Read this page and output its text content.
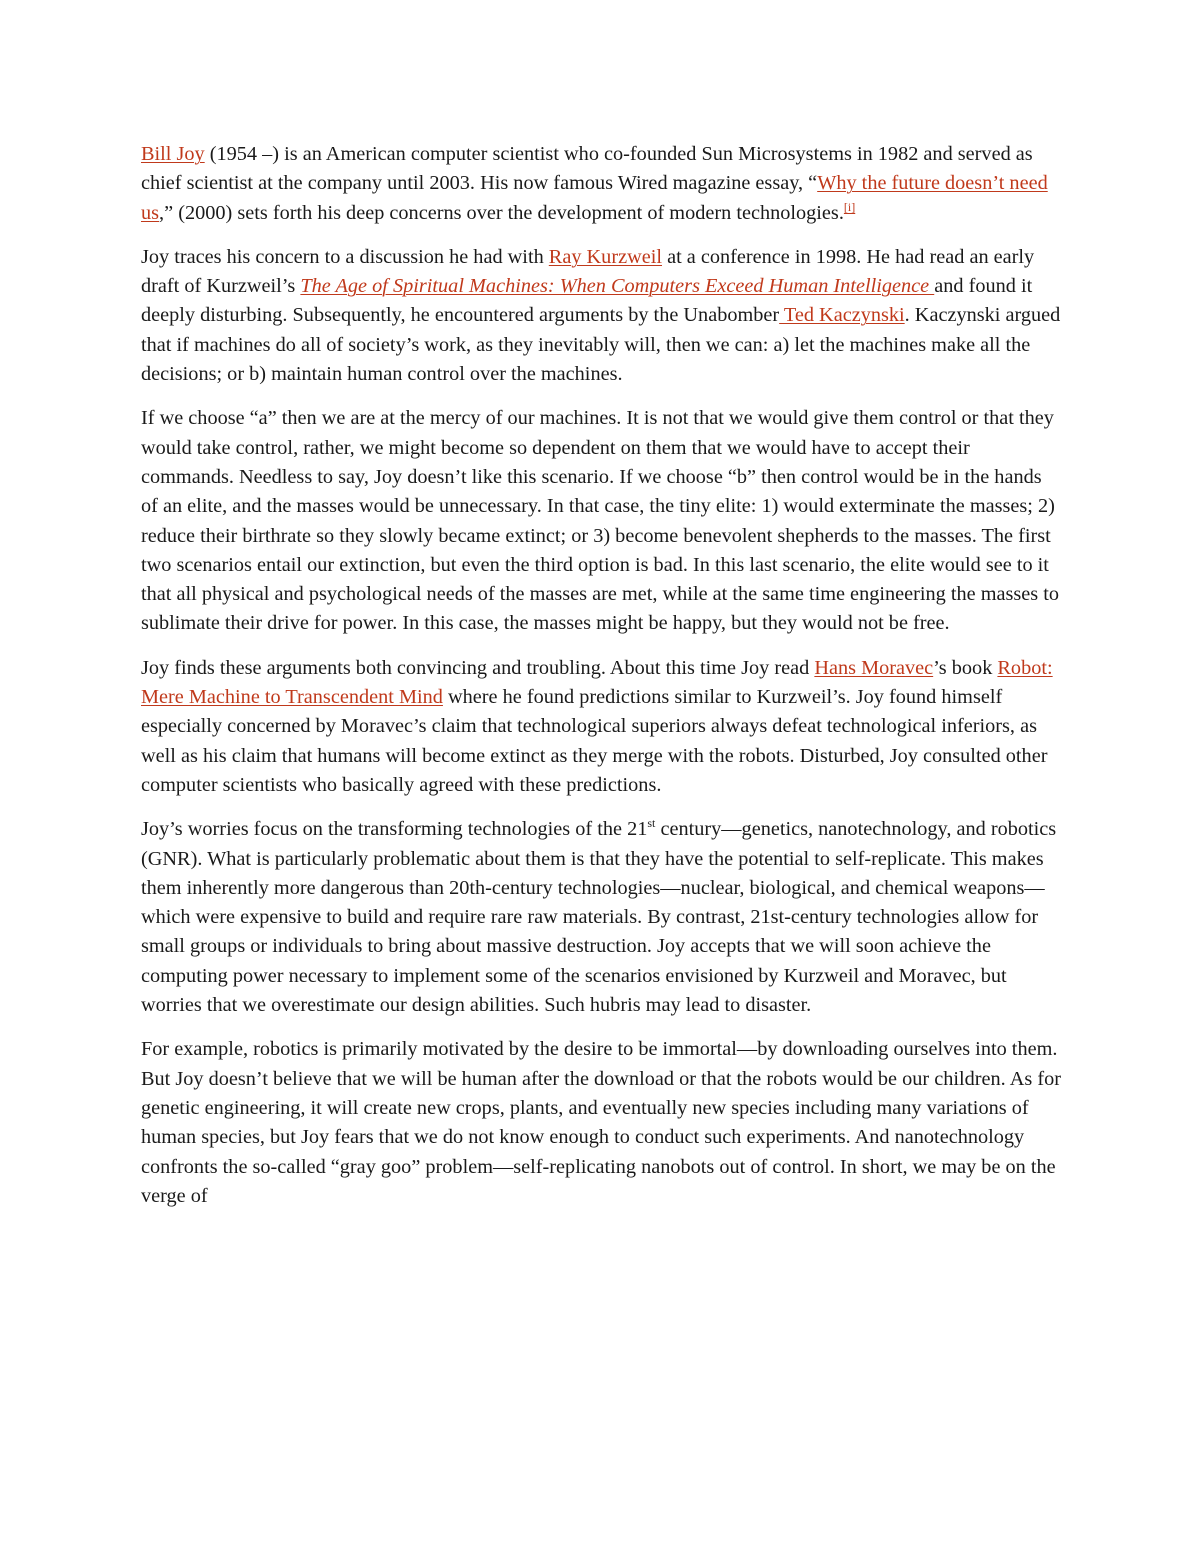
Bill Joy (1954 –) is an American computer scientist who co-founded Sun Microsystems in 1982 and served as chief scientist at the company until 2003. His now famous Wired magazine essay, “Why the future doesn’t need us,” (2000) sets forth his deep concerns over the development of modern technologies.[i]

Joy traces his concern to a discussion he had with Ray Kurzweil at a conference in 1998. He had read an early draft of Kurzweil’s The Age of Spiritual Machines: When Computers Exceed Human Intelligence and found it deeply disturbing. Subsequently, he encountered arguments by the Unabomber Ted Kaczynski. Kaczynski argued that if machines do all of society’s work, as they inevitably will, then we can: a) let the machines make all the decisions; or b) maintain human control over the machines.

If we choose “a” then we are at the mercy of our machines. It is not that we would give them control or that they would take control, rather, we might become so dependent on them that we would have to accept their commands. Needless to say, Joy doesn’t like this scenario. If we choose “b” then control would be in the hands of an elite, and the masses would be unnecessary. In that case, the tiny elite: 1) would exterminate the masses; 2) reduce their birthrate so they slowly became extinct; or 3) become benevolent shepherds to the masses. The first two scenarios entail our extinction, but even the third option is bad. In this last scenario, the elite would see to it that all physical and psychological needs of the masses are met, while at the same time engineering the masses to sublimate their drive for power. In this case, the masses might be happy, but they would not be free.

Joy finds these arguments both convincing and troubling. About this time Joy read Hans Moravec’s book Robot: Mere Machine to Transcendent Mind where he found predictions similar to Kurzweil’s. Joy found himself especially concerned by Moravec’s claim that technological superiors always defeat technological inferiors, as well as his claim that humans will become extinct as they merge with the robots. Disturbed, Joy consulted other computer scientists who basically agreed with these predictions.

Joy’s worries focus on the transforming technologies of the 21st century—genetics, nanotechnology, and robotics (GNR). What is particularly problematic about them is that they have the potential to self-replicate. This makes them inherently more dangerous than 20th-century technologies—nuclear, biological, and chemical weapons—which were expensive to build and require rare raw materials. By contrast, 21st-century technologies allow for small groups or individuals to bring about massive destruction. Joy accepts that we will soon achieve the computing power necessary to implement some of the scenarios envisioned by Kurzweil and Moravec, but worries that we overestimate our design abilities. Such hubris may lead to disaster.

For example, robotics is primarily motivated by the desire to be immortal—by downloading ourselves into them. But Joy doesn’t believe that we will be human after the download or that the robots would be our children. As for genetic engineering, it will create new crops, plants, and eventually new species including many variations of human species, but Joy fears that we do not know enough to conduct such experiments. And nanotechnology confronts the so-called “gray goo” problem—self-replicating nanobots out of control. In short, we may be on the verge of
